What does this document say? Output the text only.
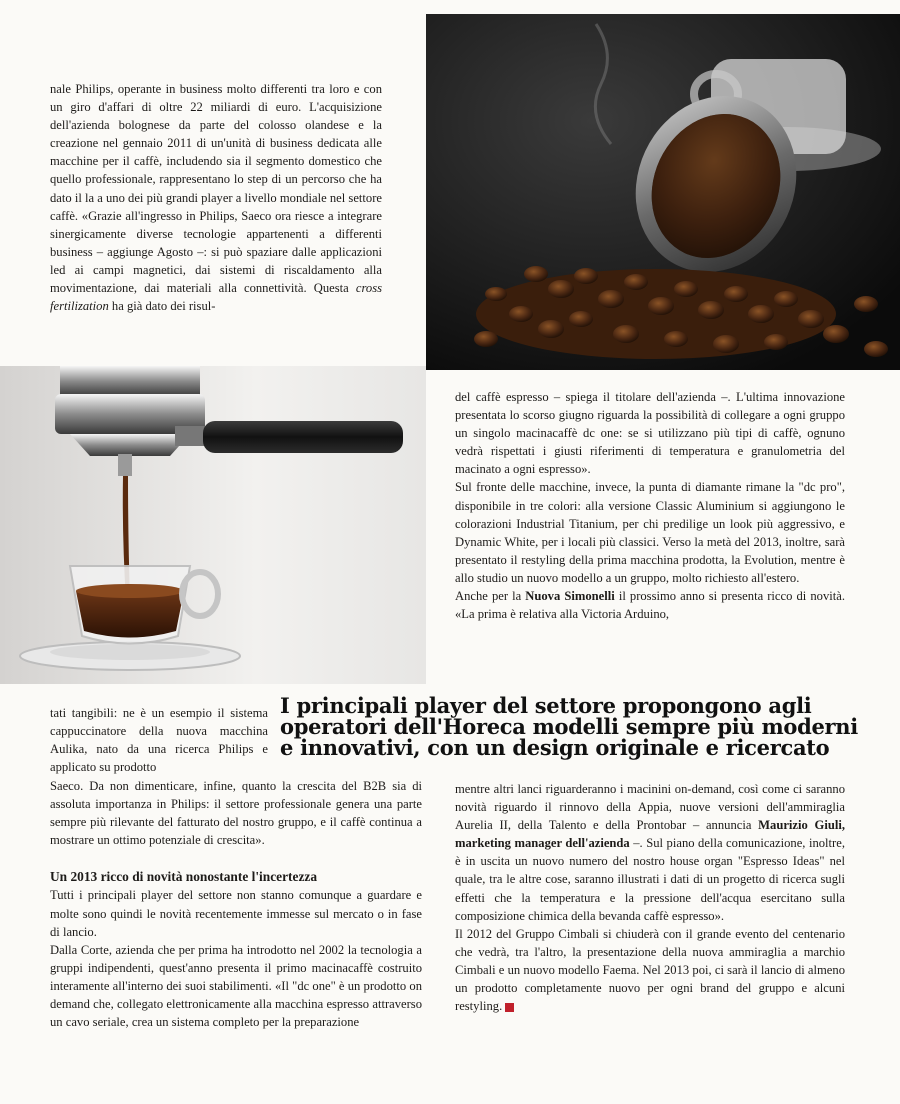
nale Philips, operante in business molto differenti tra loro e con un giro d'affari di oltre 22 miliardi di euro. L'acquisizione dell'azienda bolognese da parte del colosso olandese e la creazione nel gennaio 2011 di un'unità di business dedicata alle macchine per il caffè, includendo sia il segmento domestico che quello professionale, rappresentano lo step di un percorso che ha dato il la a uno dei più grandi player a livello mondiale nel settore caffè. «Grazie all'ingresso in Philips, Saeco ora riesce a integrare sinergicamente diverse tecnologie appartenenti a differenti business – aggiunge Agosto –: si può spaziare dalle applicazioni led ai campi magnetici, dai sistemi di riscaldamento alla movimentazione, dai materiali alla connettività. Questa cross fertilization ha già dato dei risul-

del caffè espresso – spiega il titolare dell'azienda –. L'ultima innovazione presentata lo scorso giugno riguarda la possibilità di collegare a ogni gruppo un singolo macinacaffè dc one: se si utilizzano più tipi di caffè, ognuno vedrà rispettati i giusti riferimenti di temperatura e granulometria del macinato a ogni espresso».

Sul fronte delle macchine, invece, la punta di diamante rimane la "dc pro", disponibile in tre colori: alla versione Classic Aluminium si aggiungono le colorazioni Industrial Titanium, per chi predilige un look più aggressivo, e Dynamic White, per i locali più classici. Verso la metà del 2013, inoltre, sarà presentato il restyling della prima macchina prodotta, la Evolution, mentre è allo studio un nuovo modello a un gruppo, molto richiesto all'estero.

Anche per la Nuova Simonelli il prossimo anno si presenta ricco di novità. «La prima è relativa alla Victoria Arduino,

I principali player del settore propongono agli operatori dell'Horeca modelli sempre più moderni e innovativi, con un design originale e ricercato
tati tangibili: ne è un esempio il sistema cappuccinatore della nuova macchina Aulika, nato da una ricerca Philips e applicato su prodotto

Saeco. Da non dimenticare, infine, quanto la crescita del B2B sia di assoluta importanza in Philips: il settore professionale genera una parte sempre più rilevante del fatturato del nostro gruppo, e il caffè continua a mostrare un ottimo potenziale di crescita».

Un 2013 ricco di novità nonostante l'incertezza

Tutti i principali player del settore non stanno comunque a guardare e molte sono quindi le novità recentemente immesse sul mercato o in fase di lancio.

Dalla Corte, azienda che per prima ha introdotto nel 2002 la tecnologia a gruppi indipendenti, quest'anno presenta il primo macinacaffè costruito interamente all'interno dei suoi stabilimenti. «Il "dc one" è un prodotto on demand che, collegato elettronicamente alla macchina espresso attraverso un cavo seriale, crea un sistema completo per la preparazione

mentre altri lanci riguarderanno i macinini on-demand, così come ci saranno novità riguardo il rinnovo della Appia, nuove versioni dell'ammiraglia Aurelia II, della Talento e della Prontobar – annuncia Maurizio Giuli, marketing manager dell'azienda –. Sul piano della comunicazione, inoltre, è in uscita un nuovo numero del nostro house organ "Espresso Ideas" nel quale, tra le altre cose, saranno illustrati i dati di un progetto di ricerca sugli effetti che la temperatura e la pressione dell'acqua esercitano sulla composizione chimica della bevanda caffè espresso».

Il 2012 del Gruppo Cimbali si chiuderà con il grande evento del centenario che vedrà, tra l'altro, la presentazione della nuova ammiraglia a marchio Cimbali e un nuovo modello Faema. Nel 2013 poi, ci sarà il lancio di almeno un prodotto completamente nuovo per ogni brand del gruppo e alcuni restyling.
